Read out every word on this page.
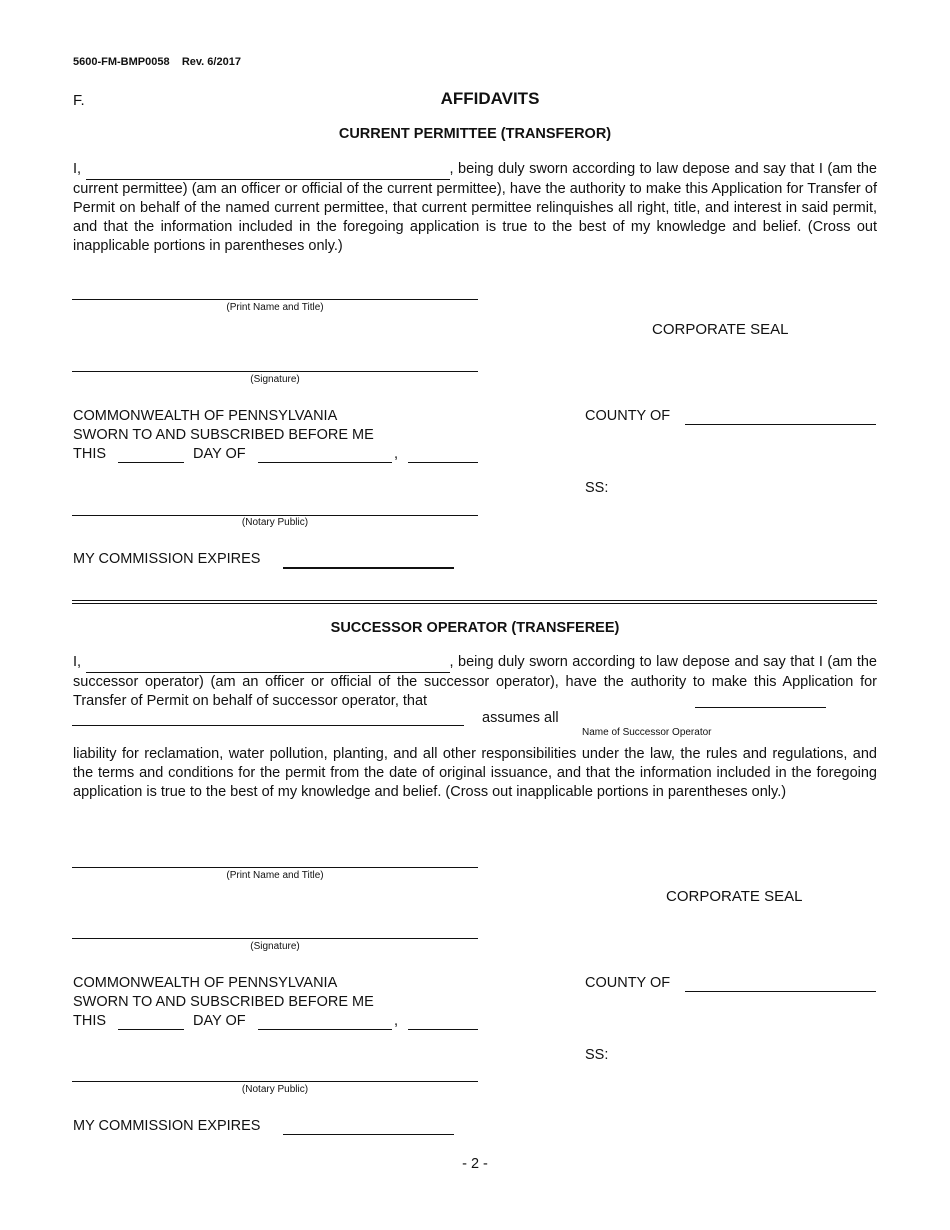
5600-FM-BMP0058    Rev. 6/2017
F.	AFFIDAVITS
CURRENT PERMITTEE (TRANSFEROR)
I,	, being duly sworn according to law depose and say that I (am the current permittee) (am an officer or official of the current permittee), have the authority to make this Application for Transfer of Permit on behalf of the named current permittee, that current permittee relinquishes all right, title, and interest in said permit, and that the information included in the foregoing application is true to the best of my knowledge and belief. (Cross out inapplicable portions in parentheses only.)
(Print Name and Title)
CORPORATE SEAL
(Signature)
COMMONWEALTH OF PENNSYLVANIA
SWORN TO AND SUBSCRIBED BEFORE ME
THIS	DAY OF	,
COUNTY OF
SS:
(Notary Public)
MY COMMISSION EXPIRES
SUCCESSOR OPERATOR (TRANSFEREE)
I,	, being duly sworn according to law depose and say that I (am the successor operator) (am an officer or official of the successor operator), have the authority to make this Application for Transfer of Permit on behalf of successor operator, that
assumes all
Name of Successor Operator
liability for reclamation, water pollution, planting, and all other responsibilities under the law, the rules and regulations, and the terms and conditions for the permit from the date of original issuance, and that the information included in the foregoing application is true to the best of my knowledge and belief. (Cross out inapplicable portions in parentheses only.)
(Print Name and Title)
CORPORATE SEAL
(Signature)
COMMONWEALTH OF PENNSYLVANIA
SWORN TO AND SUBSCRIBED BEFORE ME
THIS	DAY OF	,
COUNTY OF
SS:
(Notary Public)
MY COMMISSION EXPIRES
- 2 -
